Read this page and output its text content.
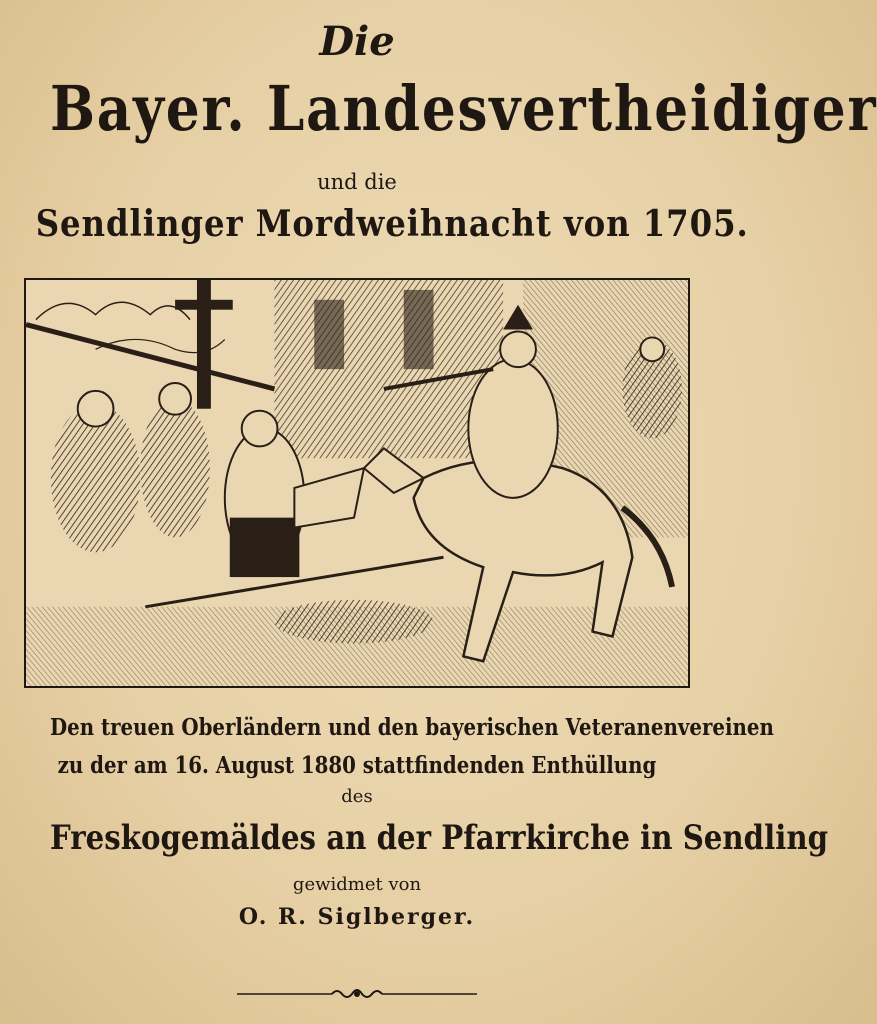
Die
Bayer. Landesvertheidiger
und die
Sendlinger Mordweihnacht von 1705.
Den treuen Oberländern und den bayerischen Veteranenvereinen
zu der am 16. August 1880 stattfindenden Enthüllung
des
Freskogemäldes an der Pfarrkirche in Sendling
gewidmet von
O. R. Siglberger.
